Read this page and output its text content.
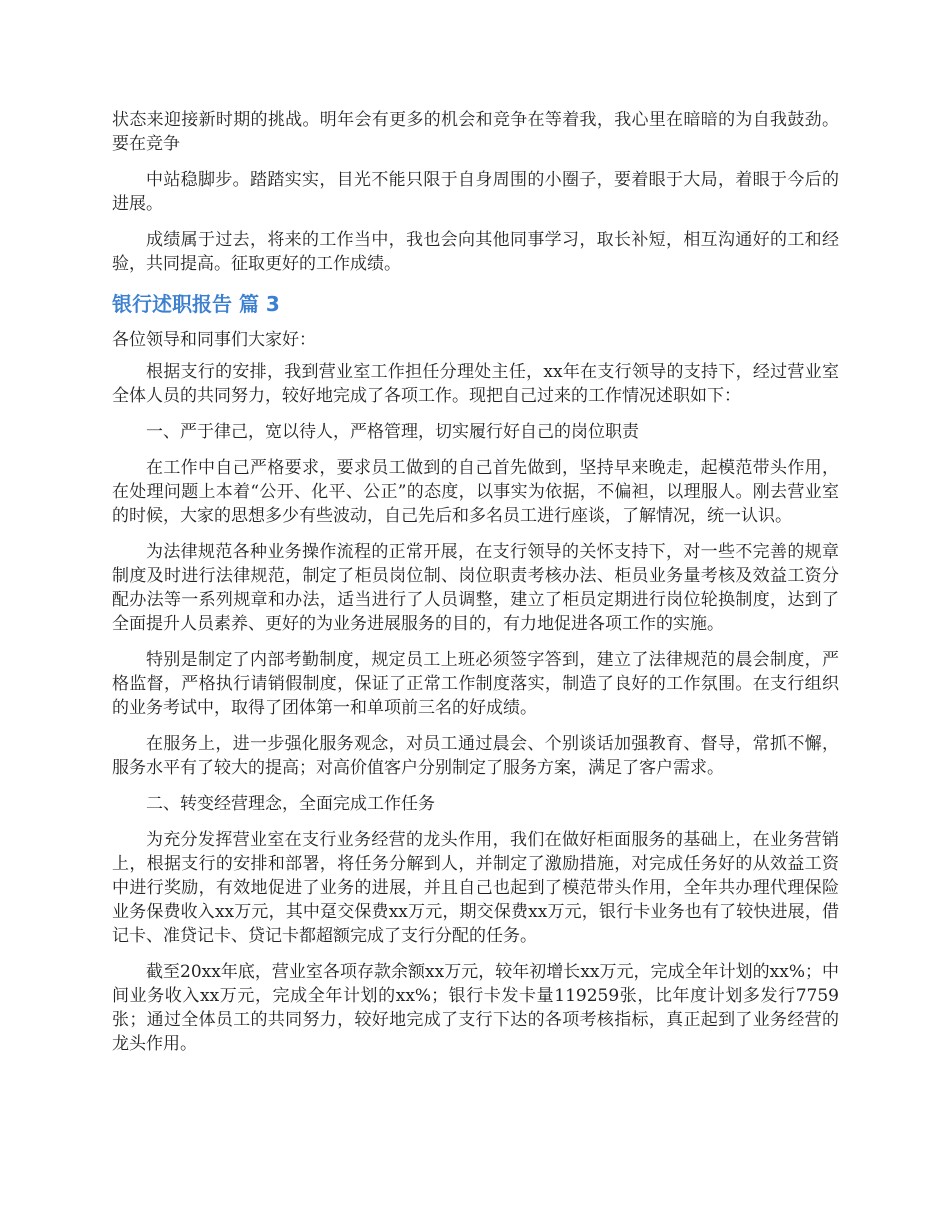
状态来迎接新时期的挑战。明年会有更多的机会和竞争在等着我，我心里在暗暗的为自我鼓劲。要在竞争

中站稳脚步。踏踏实实，目光不能只限于自身周围的小圈子，要着眼于大局，着眼于今后的进展。

成绩属于过去，将来的工作当中，我也会向其他同事学习，取长补短，相互沟通好的工和经验，共同提高。征取更好的工作成绩。

银行述职报告 篇 3

各位领导和同事们大家好：

根据支行的安排，我到营业室工作担任分理处主任，xx年在支行领导的支持下，经过营业室全体人员的共同努力，较好地完成了各项工作。现把自己过来的工作情况述职如下：

一、严于律己，宽以待人，严格管理，切实履行好自己的岗位职责

在工作中自己严格要求，要求员工做到的自己首先做到，坚持早来晚走，起模范带头作用，在处理问题上本着“公开、化平、公正”的态度，以事实为依据，不偏袒，以理服人。刚去营业室的时候，大家的思想多少有些波动，自己先后和多名员工进行座谈，了解情况，统一认识。

为法律规范各种业务操作流程的正常开展，在支行领导的关怀支持下，对一些不完善的规章制度及时进行法律规范，制定了柜员岗位制、岗位职责考核办法、柜员业务量考核及效益工资分配办法等一系列规章和办法，适当进行了人员调整，建立了柜员定期进行岗位轮换制度，达到了全面提升人员素养、更好的为业务进展服务的目的，有力地促进各项工作的实施。

特别是制定了内部考勤制度，规定员工上班必须签字答到，建立了法律规范的晨会制度，严格监督，严格执行请销假制度，保证了正常工作制度落实，制造了良好的工作氛围。在支行组织的业务考试中，取得了团体第一和单项前三名的好成绩。

在服务上，进一步强化服务观念，对员工通过晨会、个别谈话加强教育、督导，常抓不懈，服务水平有了较大的提高；对高价值客户分别制定了服务方案，满足了客户需求。

二、转变经营理念，全面完成工作任务

为充分发挥营业室在支行业务经营的龙头作用，我们在做好柜面服务的基础上，在业务营销上，根据支行的安排和部署，将任务分解到人，并制定了激励措施，对完成任务好的从效益工资中进行奖励，有效地促进了业务的进展，并且自己也起到了模范带头作用，全年共办理代理保险业务保费收入xx万元，其中趸交保费xx万元，期交保费xx万元，银行卡业务也有了较快进展，借记卡、准贷记卡、贷记卡都超额完成了支行分配的任务。

截至20xx年底，营业室各项存款余额xx万元，较年初增长xx万元，完成全年计划的xx%；中间业务收入xx万元，完成全年计划的xx%；银行卡发卡量119259张，比年度计划多发行7759张；通过全体员工的共同努力，较好地完成了支行下达的各项考核指标，真正起到了业务经营的龙头作用。
